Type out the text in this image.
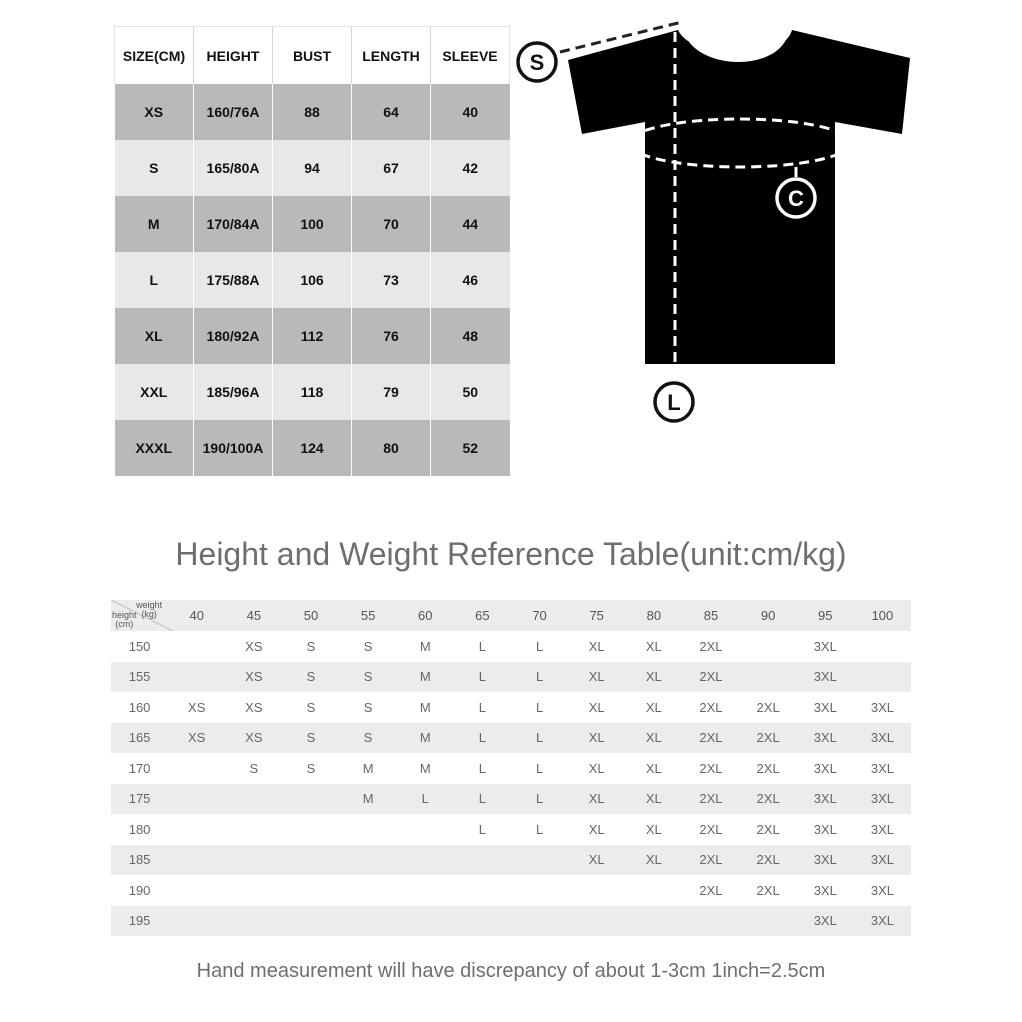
SIZE(CM)	HEIGHT	BUST	LENGTH	SLEEVE
XS	160/76A	88	64	40
S	165/80A	94	67	42
M	170/84A	100	70	44
L	175/88A	106	73	46
XL	180/92A	112	76	48
XXL	185/96A	118	79	50
XXXL	190/100A	124	80	52
S
C
L
Height and Weight Reference Table(unit:cm/kg)
weight
(kg)
height
(cm)	40	45	50	55	60	65	70	75	80	85	90	95	100
150		XS	S	S	M	L	L	XL	XL	2XL		3XL	
155		XS	S	S	M	L	L	XL	XL	2XL		3XL	
160	XS	XS	S	S	M	L	L	XL	XL	2XL	2XL	3XL	3XL
165	XS	XS	S	S	M	L	L	XL	XL	2XL	2XL	3XL	3XL
170		S	S	M	M	L	L	XL	XL	2XL	2XL	3XL	3XL
175				M	L	L	L	XL	XL	2XL	2XL	3XL	3XL
180						L	L	XL	XL	2XL	2XL	3XL	3XL
185								XL	XL	2XL	2XL	3XL	3XL
190										2XL	2XL	3XL	3XL
195												3XL	3XL
Hand measurement will have discrepancy of about 1-3cm 1inch=2.5cm
